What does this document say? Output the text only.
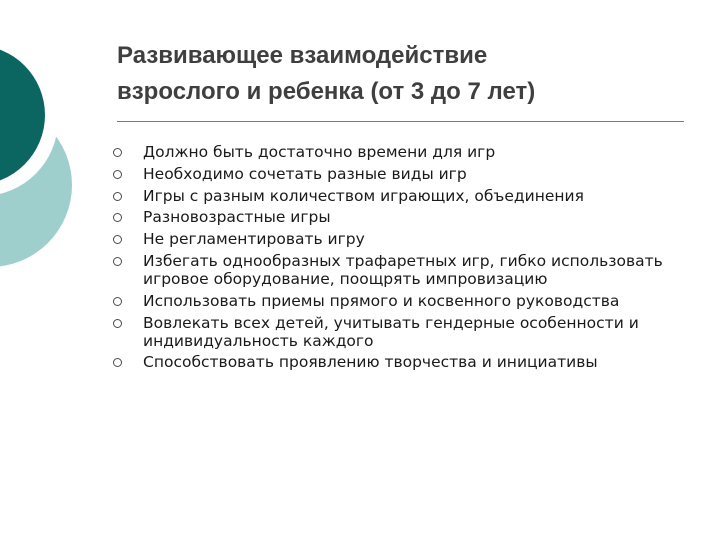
Развивающее взаимодействие
взрослого и ребенка (от 3 до 7 лет)
Должно быть достаточно времени для игр
Необходимо сочетать разные виды игр
Игры с разным количеством играющих, объединения
Разновозрастные игры
Не регламентировать игру
Избегать однообразных трафаретных игр, гибко использовать игровое оборудование, поощрять импровизацию
Использовать приемы прямого и косвенного руководства
Вовлекать всех детей, учитывать гендерные особенности и индивидуальность каждого
Способствовать проявлению творчества и инициативы
